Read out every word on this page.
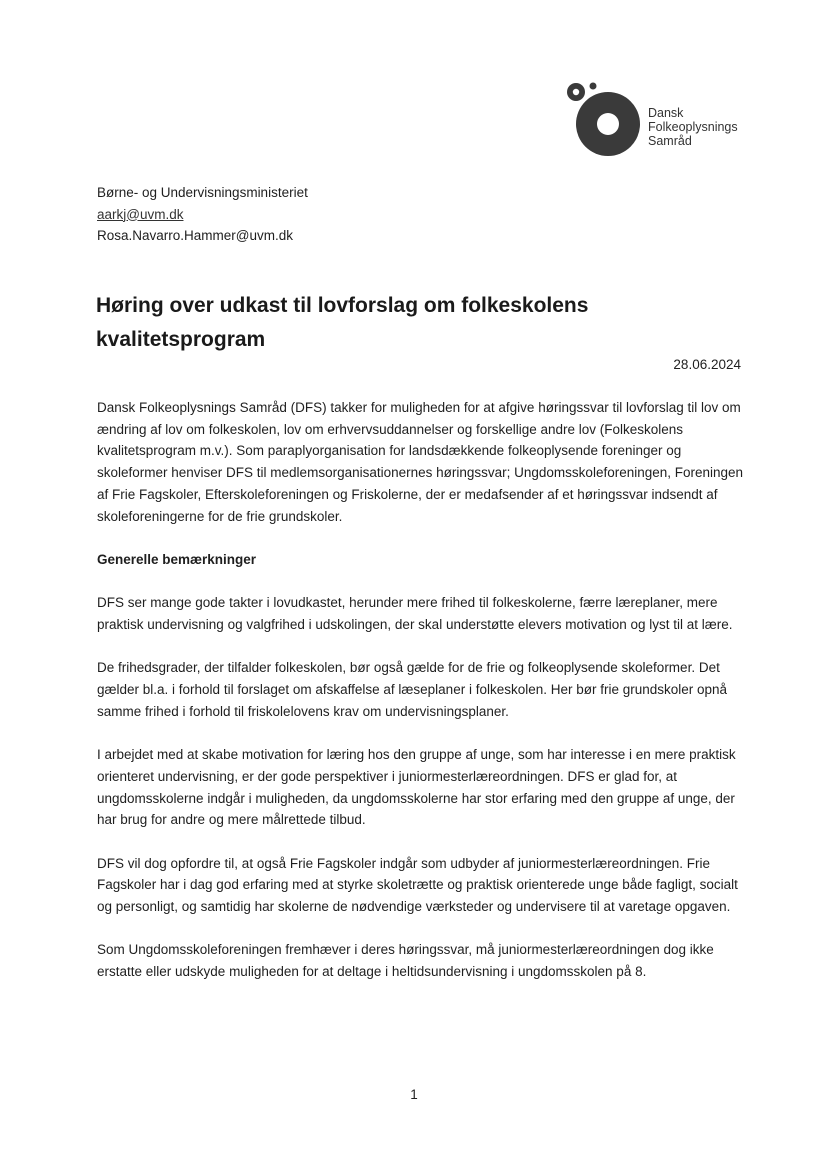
Dansk
Folkeoplysnings
Samråd
Børne- og Undervisningsministeriet
aarkj@uvm.dk
Rosa.Navarro.Hammer@uvm.dk
Høring over udkast til lovforslag om folkeskolens kvalitetsprogram
28.06.2024

Dansk Folkeoplysnings Samråd (DFS) takker for muligheden for at afgive høringssvar til lovforslag til lov om ændring af lov om folkeskolen, lov om erhvervsuddannelser og forskellige andre lov (Folkeskolens kvalitetsprogram m.v.). Som paraplyorganisation for landsdækkende folkeoplysende foreninger og skoleformer henviser DFS til medlemsorganisationernes høringssvar; Ungdomsskoleforeningen, Foreningen af Frie Fagskoler, Efterskoleforeningen og Friskolerne, der er medafsender af et høringssvar indsendt af skoleforeningerne for de frie grundskoler.

Generelle bemærkninger

DFS ser mange gode takter i lovudkastet, herunder mere frihed til folkeskolerne, færre læreplaner, mere praktisk undervisning og valgfrihed i udskolingen, der skal understøtte elevers motivation og lyst til at lære.

De frihedsgrader, der tilfalder folkeskolen, bør også gælde for de frie og folkeoplysende skoleformer. Det gælder bl.a. i forhold til forslaget om afskaffelse af læseplaner i folkeskolen. Her bør frie grundskoler opnå samme frihed i forhold til friskolelovens krav om undervisningsplaner.

I arbejdet med at skabe motivation for læring hos den gruppe af unge, som har interesse i en mere praktisk orienteret undervisning, er der gode perspektiver i juniormesterlæreordningen. DFS er glad for, at ungdomsskolerne indgår i muligheden, da ungdomsskolerne har stor erfaring med den gruppe af unge, der har brug for andre og mere målrettede tilbud.

DFS vil dog opfordre til, at også Frie Fagskoler indgår som udbyder af juniormesterlæreordningen. Frie Fagskoler har i dag god erfaring med at styrke skoletrætte og praktisk orienterede unge både fagligt, socialt og personligt, og samtidig har skolerne de nødvendige værksteder og undervisere til at varetage opgaven.

Som Ungdomsskoleforeningen fremhæver i deres høringssvar, må juniormesterlæreordningen dog ikke erstatte eller udskyde muligheden for at deltage i heltidsundervisning i ungdomsskolen på 8.

1
